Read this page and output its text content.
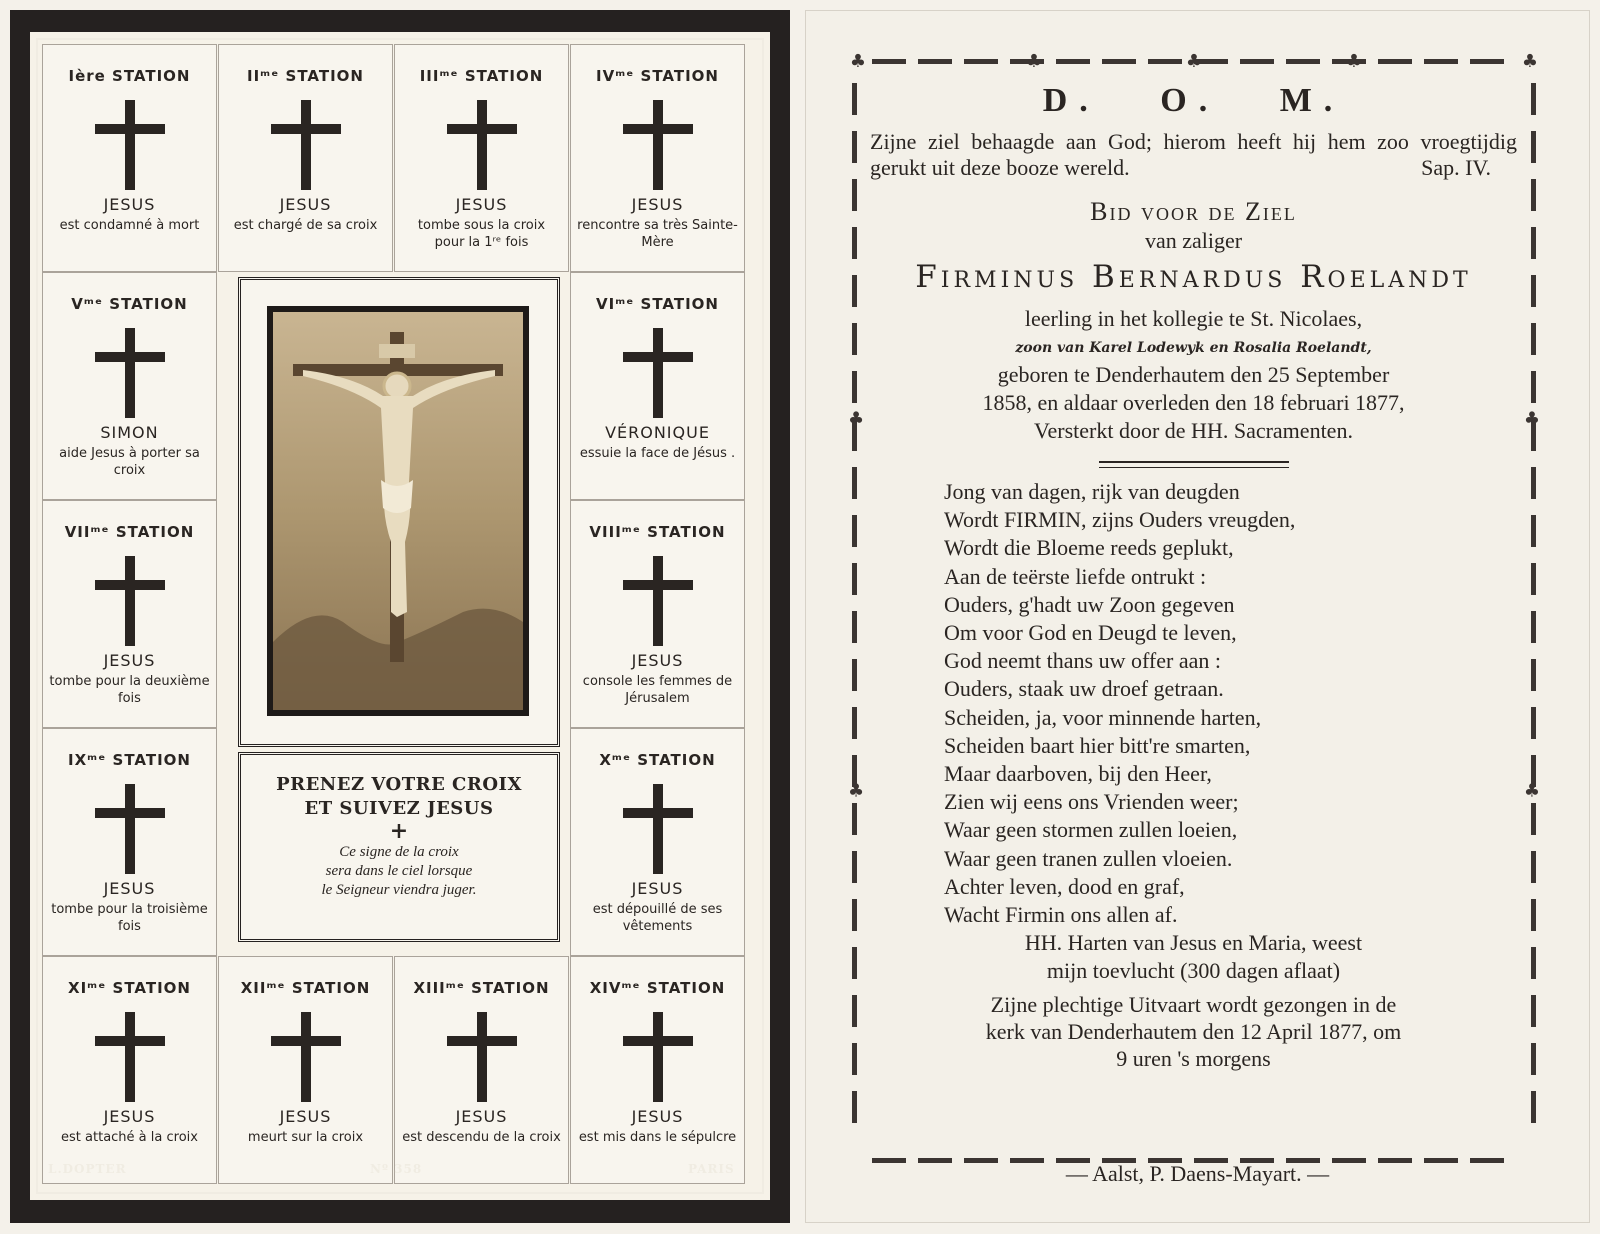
XIVᵐᵉ STATION
JESUS
est mis dans le sépulcre
XIIIᵐᵉ STATION
JESUS
est descendu de la croix
XIIᵐᵉ STATION
JESUS
meurt sur la croix
XIᵐᵉ STATION
JESUS
est attaché à la croix
Xᵐᵉ STATION
JESUS
est dépouillé de ses vêtements
IXᵐᵉ STATION
JESUS
tombe pour la troisième fois
VIIIᵐᵉ STATION
JESUS
console les femmes de Jérusalem
VIIᵐᵉ STATION
JESUS
tombe pour la deuxième fois
VIᵐᵉ STATION
VÉRONIQUE
essuie la face de Jésus .
Vᵐᵉ STATION
SIMON
aide Jesus à porter sa croix
IVᵐᵉ STATION
JESUS
rencontre sa très Sainte-Mère
IIIᵐᵉ STATION
JESUS
tombe sous la croix pour la 1ʳᵉ fois
IIᵐᵉ STATION
JESUS
est chargé de sa croix
Ière STATION
JESUS
est condamné à mort
PRENEZ VOTRE CROIX
ET SUIVEZ JESUS
+
Ce signe de la croix
sera dans le ciel lorsque
le Seigneur viendra juger.
L.DOPTER	Nº 358	PARIS
♣	♣
♣
♣	♣
♣	♣
♣	♣
D. O. M.
Zijne ziel behaagde aan God; hierom heeft hij hem zoo vroegtijdig gerukt uit deze booze wereld.	Sap. IV.
Bid voor de Ziel
van zaliger
Firminus Bernardus Roelandt
leerling in het kollegie te St. Nicolaes,
zoon van Karel Lodewyk en Rosalia Roelandt,
geboren te Denderhautem den 25 September
1858, en aldaar overleden den 18 februari 1877,
Versterkt door de HH. Sacramenten.
Jong van dagen, rijk van deugden
Wordt FIRMIN, zijns Ouders vreugden,
Wordt die Bloeme reeds geplukt,
Aan de teërste liefde ontrukt :
Ouders, g'hadt uw Zoon gegeven
Om voor God en Deugd te leven,
God neemt thans uw offer aan :
Ouders, staak uw droef getraan.
Scheiden, ja, voor minnende harten,
Scheiden baart hier bitt're smarten,
Maar daarboven, bij den Heer,
Zien wij eens ons Vrienden weer;
Waar geen stormen zullen loeien,
Waar geen tranen zullen vloeien.
Achter leven, dood en graf,
Wacht Firmin ons allen af.
HH. Harten van Jesus en Maria, weest
mijn toevlucht (300 dagen aflaat)
Zijne plechtige Uitvaart wordt gezongen in de
kerk van Denderhautem den 12 April 1877, om
9 uren 's morgens
— Aalst, P. Daens-Mayart. —
